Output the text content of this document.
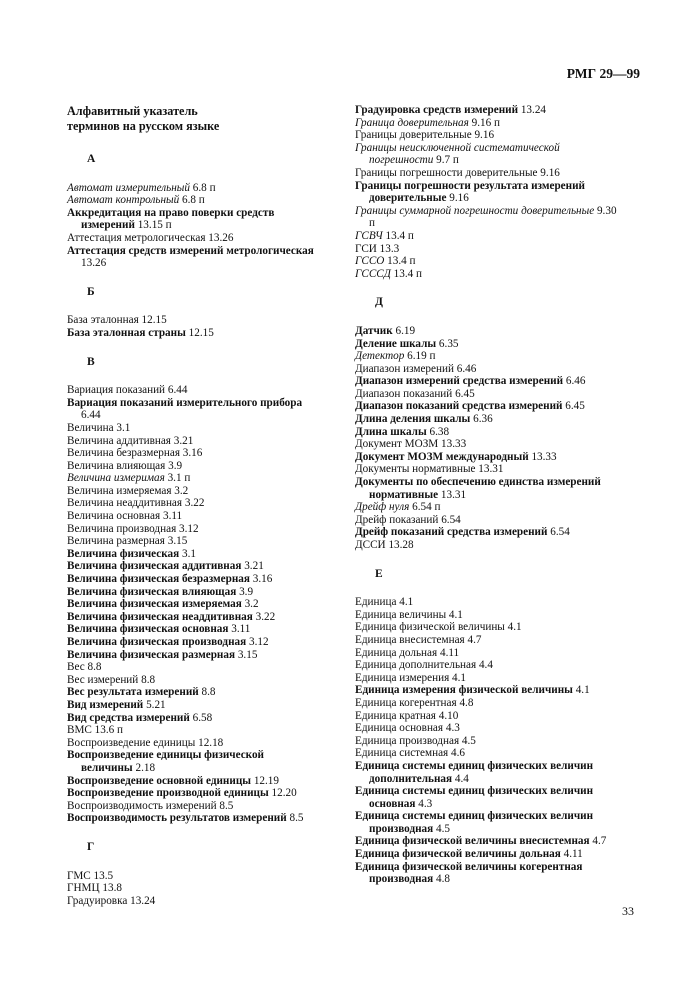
РМГ 29—99

Алфавитный указатель

терминов на русском языке

А

Автомат измерительный 6.8 п

Автомат контрольный 6.8 п

Аккредитация на право поверки средств измерений 13.15 п

Аттестация метрологическая 13.26

Аттестация средств измерений метрологическая 13.26

Б

База эталонная 12.15

База эталонная страны 12.15

В

Вариация показаний 6.44

Вариация показаний измерительного прибора 6.44

Величина 3.1

Величина аддитивная 3.21

Величина безразмерная 3.16

Величина влияющая 3.9

Величина измеримая 3.1 п

Величина измеряемая 3.2

Величина неаддитивная 3.22

Величина основная 3.11

Величина производная 3.12

Величина размерная 3.15

Величина физическая 3.1

Величина физическая аддитивная 3.21

Величина физическая безразмерная 3.16

Величина физическая влияющая 3.9

Величина физическая измеряемая 3.2

Величина физическая неаддитивная 3.22

Величина физическая основная 3.11

Величина физическая производная 3.12

Величина физическая размерная 3.15

Вес 8.8

Вес измерений 8.8

Вес результата измерений 8.8

Вид измерений 5.21

Вид средства измерений 6.58

ВМС 13.6 п

Воспроизведение единицы 12.18

Воспроизведение единицы физической величины 2.18

Воспроизведение основной единицы 12.19

Воспроизведение производной единицы 12.20

Воспроизводимость измерений 8.5

Воспроизводимость результатов измерений 8.5

Г

ГМС 13.5

ГНМЦ 13.8

Градуировка 13.24

Градуировка средств измерений 13.24

Граница доверительная 9.16 п

Границы доверительные 9.16

Границы неисключенной систематической погрешности 9.7 п

Границы погрешности доверительные 9.16

Границы погрешности результата измерений доверительные 9.16

Границы суммарной погрешности доверительные 9.30 п

ГСВЧ 13.4 п

ГСИ 13.3

ГССО 13.4 п

ГСССД 13.4 п

Д

Датчик 6.19

Деление шкалы 6.35

Детектор 6.19 п

Диапазон измерений 6.46

Диапазон измерений средства измерений 6.46

Диапазон показаний 6.45

Диапазон показаний средства измерений 6.45

Длина деления шкалы 6.36

Длина шкалы 6.38

Документ МОЗМ 13.33

Документ МОЗМ международный 13.33

Документы нормативные 13.31

Документы по обеспечению единства измерений нормативные 13.31

Дрейф нуля 6.54 п

Дрейф показаний 6.54

Дрейф показаний средства измерений 6.54

ДССИ 13.28

Е

Единица 4.1

Единица величины 4.1

Единица физической величины 4.1

Единица внесистемная 4.7

Единица дольная 4.11

Единица дополнительная 4.4

Единица измерения 4.1

Единица измерения физической величины 4.1

Единица когерентная 4.8

Единица кратная 4.10

Единица основная 4.3

Единица производная 4.5

Единица системная 4.6

Единица системы единиц физических величин дополнительная 4.4

Единица системы единиц физических величин основная 4.3

Единица системы единиц физических величин производная 4.5

Единица физической величины внесистемная 4.7

Единица физической величины дольная 4.11

Единица физической величины когерентная производная 4.8

33
